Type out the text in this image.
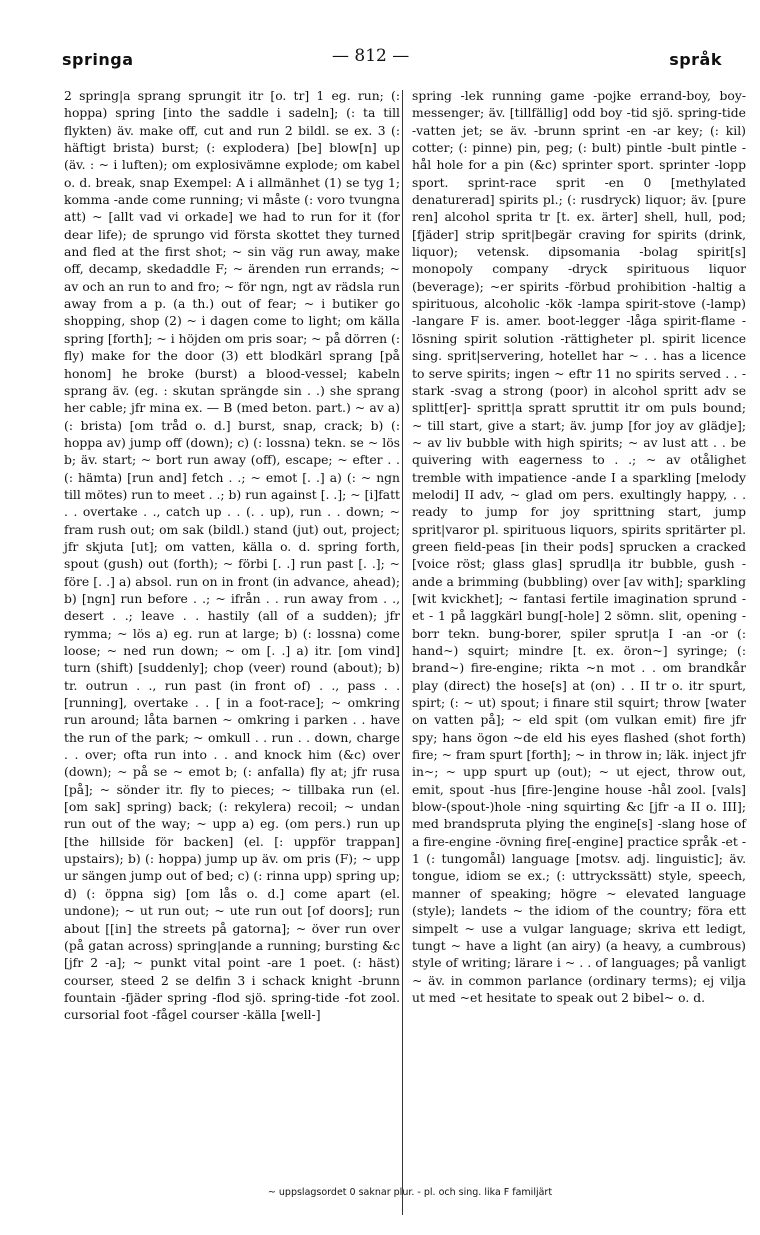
springa	— 812 —	språk

2 spring|a sprang sprungit itr [o. tr] 1 eg. run; (: hoppa) spring [into the saddle i sadeln]; (: ta till flykten) äv. make off, cut and run 2 bildl. se ex. 3 (: häftigt brista) burst; (: explodera) [be] blow[n] up (äv. : ~ i luften); om explosivämne explode; om kabel o. d. break, snap Exempel: A i allmänhet (1) se tyg 1; komma -ande come running; vi måste (: voro tvungna att) ~ [allt vad vi orkade] we had to run for it (for dear life); de sprungo vid första skottet they turned and fled at the first shot; ~ sin väg run away, make off, decamp, skedaddle F; ~ ärenden run errands; ~ av och an run to and fro; ~ för ngn, ngt av rädsla run away from a p. (a th.) out of fear; ~ i butiker go shopping, shop (2) ~ i dagen come to light; om källa spring [forth]; ~ i höjden om pris soar; ~ på dörren (: fly) make for the door (3) ett blodkärl sprang [på honom] he broke (burst) a blood-vessel; kabeln sprang äv. (eg. : skutan sprängde sin . .) she sprang her cable; jfr mina ex. — B (med beton. part.) ~ av a) (: brista) [om tråd o. d.] burst, snap, crack; b) (: hoppa av) jump off (down); c) (: lossna) tekn. se ~ lös b; äv. start; ~ bort run away (off), escape; ~ efter . . (: hämta) [run and] fetch . .; ~ emot [. .] a) (: ~ ngn till mötes) run to meet . .; b) run against [. .]; ~ [i]fatt . . overtake . ., catch up . . (. . up), run . . down; ~ fram rush out; om sak (bildl.) stand (jut) out, project; jfr skjuta [ut]; om vatten, källa o. d. spring forth, spout (gush) out (forth); ~ förbi [. .] run past [. .]; ~ före [. .] a) absol. run on in front (in advance, ahead); b) [ngn] run before . .; ~ ifrån . . run away from . ., desert . .; leave . . hastily (all of a sudden); jfr rymma; ~ lös a) eg. run at large; b) (: lossna) come loose; ~ ned run down; ~ om [. .] a) itr. [om vind] turn (shift) [suddenly]; chop (veer) round (about); b) tr. outrun . ., run past (in front of) . ., pass . . [running], overtake . . [ in a foot-race]; ~ omkring run around; låta barnen ~ omkring i parken . . have the run of the park; ~ omkull . . run . . down, charge . . over; ofta run into . . and knock him (&c) over (down); ~ på se ~ emot b; (: anfalla) fly at; jfr rusa [på]; ~ sönder itr. fly to pieces; ~ tillbaka run (el. [om sak] spring) back; (: rekylera) recoil; ~ undan run out of the way; ~ upp a) eg. (om pers.) run up [the hillside för backen] (el. [: uppför trappan] upstairs); b) (: hoppa) jump up äv. om pris (F); ~ upp ur sängen jump out of bed; c) (: rinna upp) spring up; d) (: öppna sig) [om lås o. d.] come apart (el. undone); ~ ut run out; ~ ute run out [of doors]; run about [[in] the streets på gatorna]; ~ över run over (på gatan across) spring|ande a running; bursting &c [jfr 2 -a]; ~ punkt vital point -are 1 poet. (: häst) courser, steed 2 se delfin 3 i schack knight -brunn fountain -fjäder spring -flod sjö. spring-tide -fot zool. cursorial foot -fågel courser -källa [well-]

spring -lek running game -pojke errand-boy, boy-messenger; äv. [tillfällig] odd boy -tid sjö. spring-tide -vatten jet; se äv. -brunn sprint -en -ar key; (: kil) cotter; (: pinne) pin, peg; (: bult) pintle -bult pintle -hål hole for a pin (&c) sprinter sport. sprinter -lopp sport. sprint-race sprit -en 0 [methylated denaturerad] spirits pl.; (: rusdryck) liquor; äv. [pure ren] alcohol sprita tr [t. ex. ärter] shell, hull, pod; [fjäder] strip sprit|begär craving for spirits (drink, liquor); vetensk. dipsomania -bolag spirit[s] monopoly company -dryck spirituous liquor (beverage); ~er spirits -förbud prohibition -haltig a spirituous, alcoholic -kök -lampa spirit-stove (-lamp) -langare F is. amer. boot-legger -låga spirit-flame -lösning spirit solution -rättigheter pl. spirit licence sing. sprit|servering, hotellet har ~ . . has a licence to serve spirits; ingen ~ eftr 11 no spirits served . . -stark -svag a strong (poor) in alcohol spritt adv se splitt[er]- spritt|a spratt spruttit itr om puls bound; ~ till start, give a start; äv. jump [for joy av glädje]; ~ av liv bubble with high spirits; ~ av lust att . . be quivering with eagerness to . .; ~ av otålighet tremble with impatience -ande I a sparkling [melody melodi] II adv, ~ glad om pers. exultingly happy, . . ready to jump for joy sprittning start, jump sprit|varor pl. spirituous liquors, spirits spritärter pl. green field-peas [in their pods] sprucken a cracked [voice röst; glass glas] sprudl|a itr bubble, gush -ande a brimming (bubbling) over [av with]; sparkling [wit kvickhet]; ~ fantasi fertile imagination sprund -et - 1 på laggkärl bung[-hole] 2 sömn. slit, opening -borr tekn. bung-borer, spiler sprut|a I -an -or (: hand~) squirt; mindre [t. ex. öron~] syringe; (: brand~) fire-engine; rikta ~n mot . . om brandkår play (direct) the hose[s] at (on) . . II tr o. itr spurt, spirt; (: ~ ut) spout; i finare stil squirt; throw [water on vatten på]; ~ eld spit (om vulkan emit) fire jfr spy; hans ögon ~de eld his eyes flashed (shot forth) fire; ~ fram spurt [forth]; ~ in throw in; läk. inject jfr in~; ~ upp spurt up (out); ~ ut eject, throw out, emit, spout -hus [fire-]engine house -hål zool. [vals] blow-(spout-)hole -ning squirting &c [jfr -a II o. III]; med brandspruta plying the engine[s] -slang hose of a fire-engine -övning fire[-engine] practice språk -et - 1 (: tungomål) language [motsv. adj. linguistic]; äv. tongue, idiom se ex.; (: uttryckssätt) style, speech, manner of speaking; högre ~ elevated language (style); landets ~ the idiom of the country; föra ett simpelt ~ use a vulgar language; skriva ett ledigt, tungt ~ have a light (an airy) (a heavy, a cumbrous) style of writing; lärare i ~ . . of languages; på vanligt ~ äv. in common parlance (ordinary terms); ej vilja ut med ~et hesitate to speak out 2 bibel~ o. d.

~ uppslagsordet 0 saknar plur. - pl. och sing. lika F familjärt
